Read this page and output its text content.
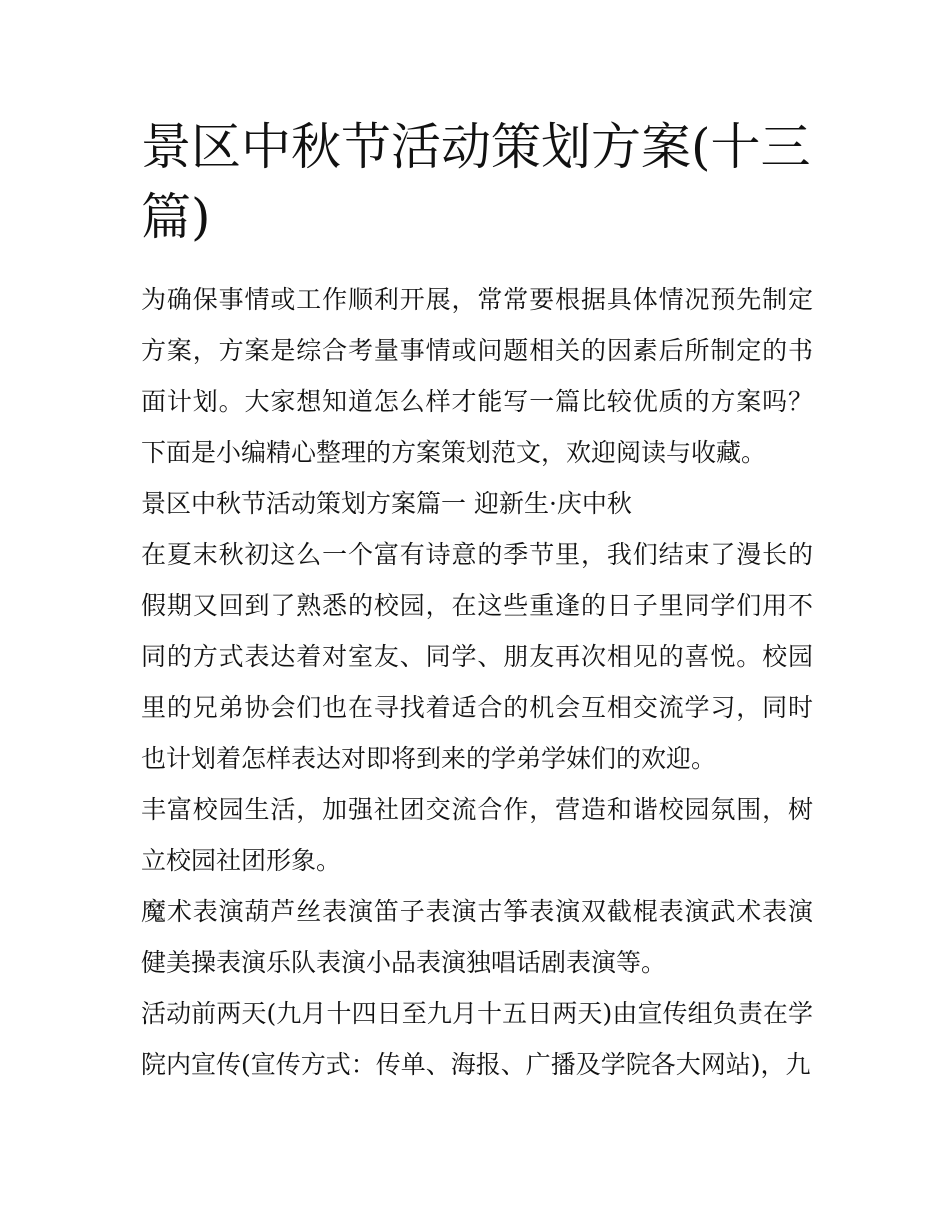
景区中秋节活动策划方案(十三篇)

为确保事情或工作顺利开展，常常要根据具体情况预先制定方案，方案是综合考量事情或问题相关的因素后所制定的书面计划。大家想知道怎么样才能写一篇比较优质的方案吗？下面是小编精心整理的方案策划范文，欢迎阅读与收藏。

景区中秋节活动策划方案篇一 迎新生·庆中秋

在夏末秋初这么一个富有诗意的季节里，我们结束了漫长的假期又回到了熟悉的校园，在这些重逢的日子里同学们用不同的方式表达着对室友、同学、朋友再次相见的喜悦。校园里的兄弟协会们也在寻找着适合的机会互相交流学习，同时也计划着怎样表达对即将到来的学弟学妹们的欢迎。

丰富校园生活，加强社团交流合作，营造和谐校园氛围，树立校园社团形象。

魔术表演葫芦丝表演笛子表演古筝表演双截棍表演武术表演健美操表演乐队表演小品表演独唱话剧表演等。

活动前两天(九月十四日至九月十五日两天)由宣传组负责在学院内宣传(宣传方式：传单、海报、广播及学院各大网站)，九
